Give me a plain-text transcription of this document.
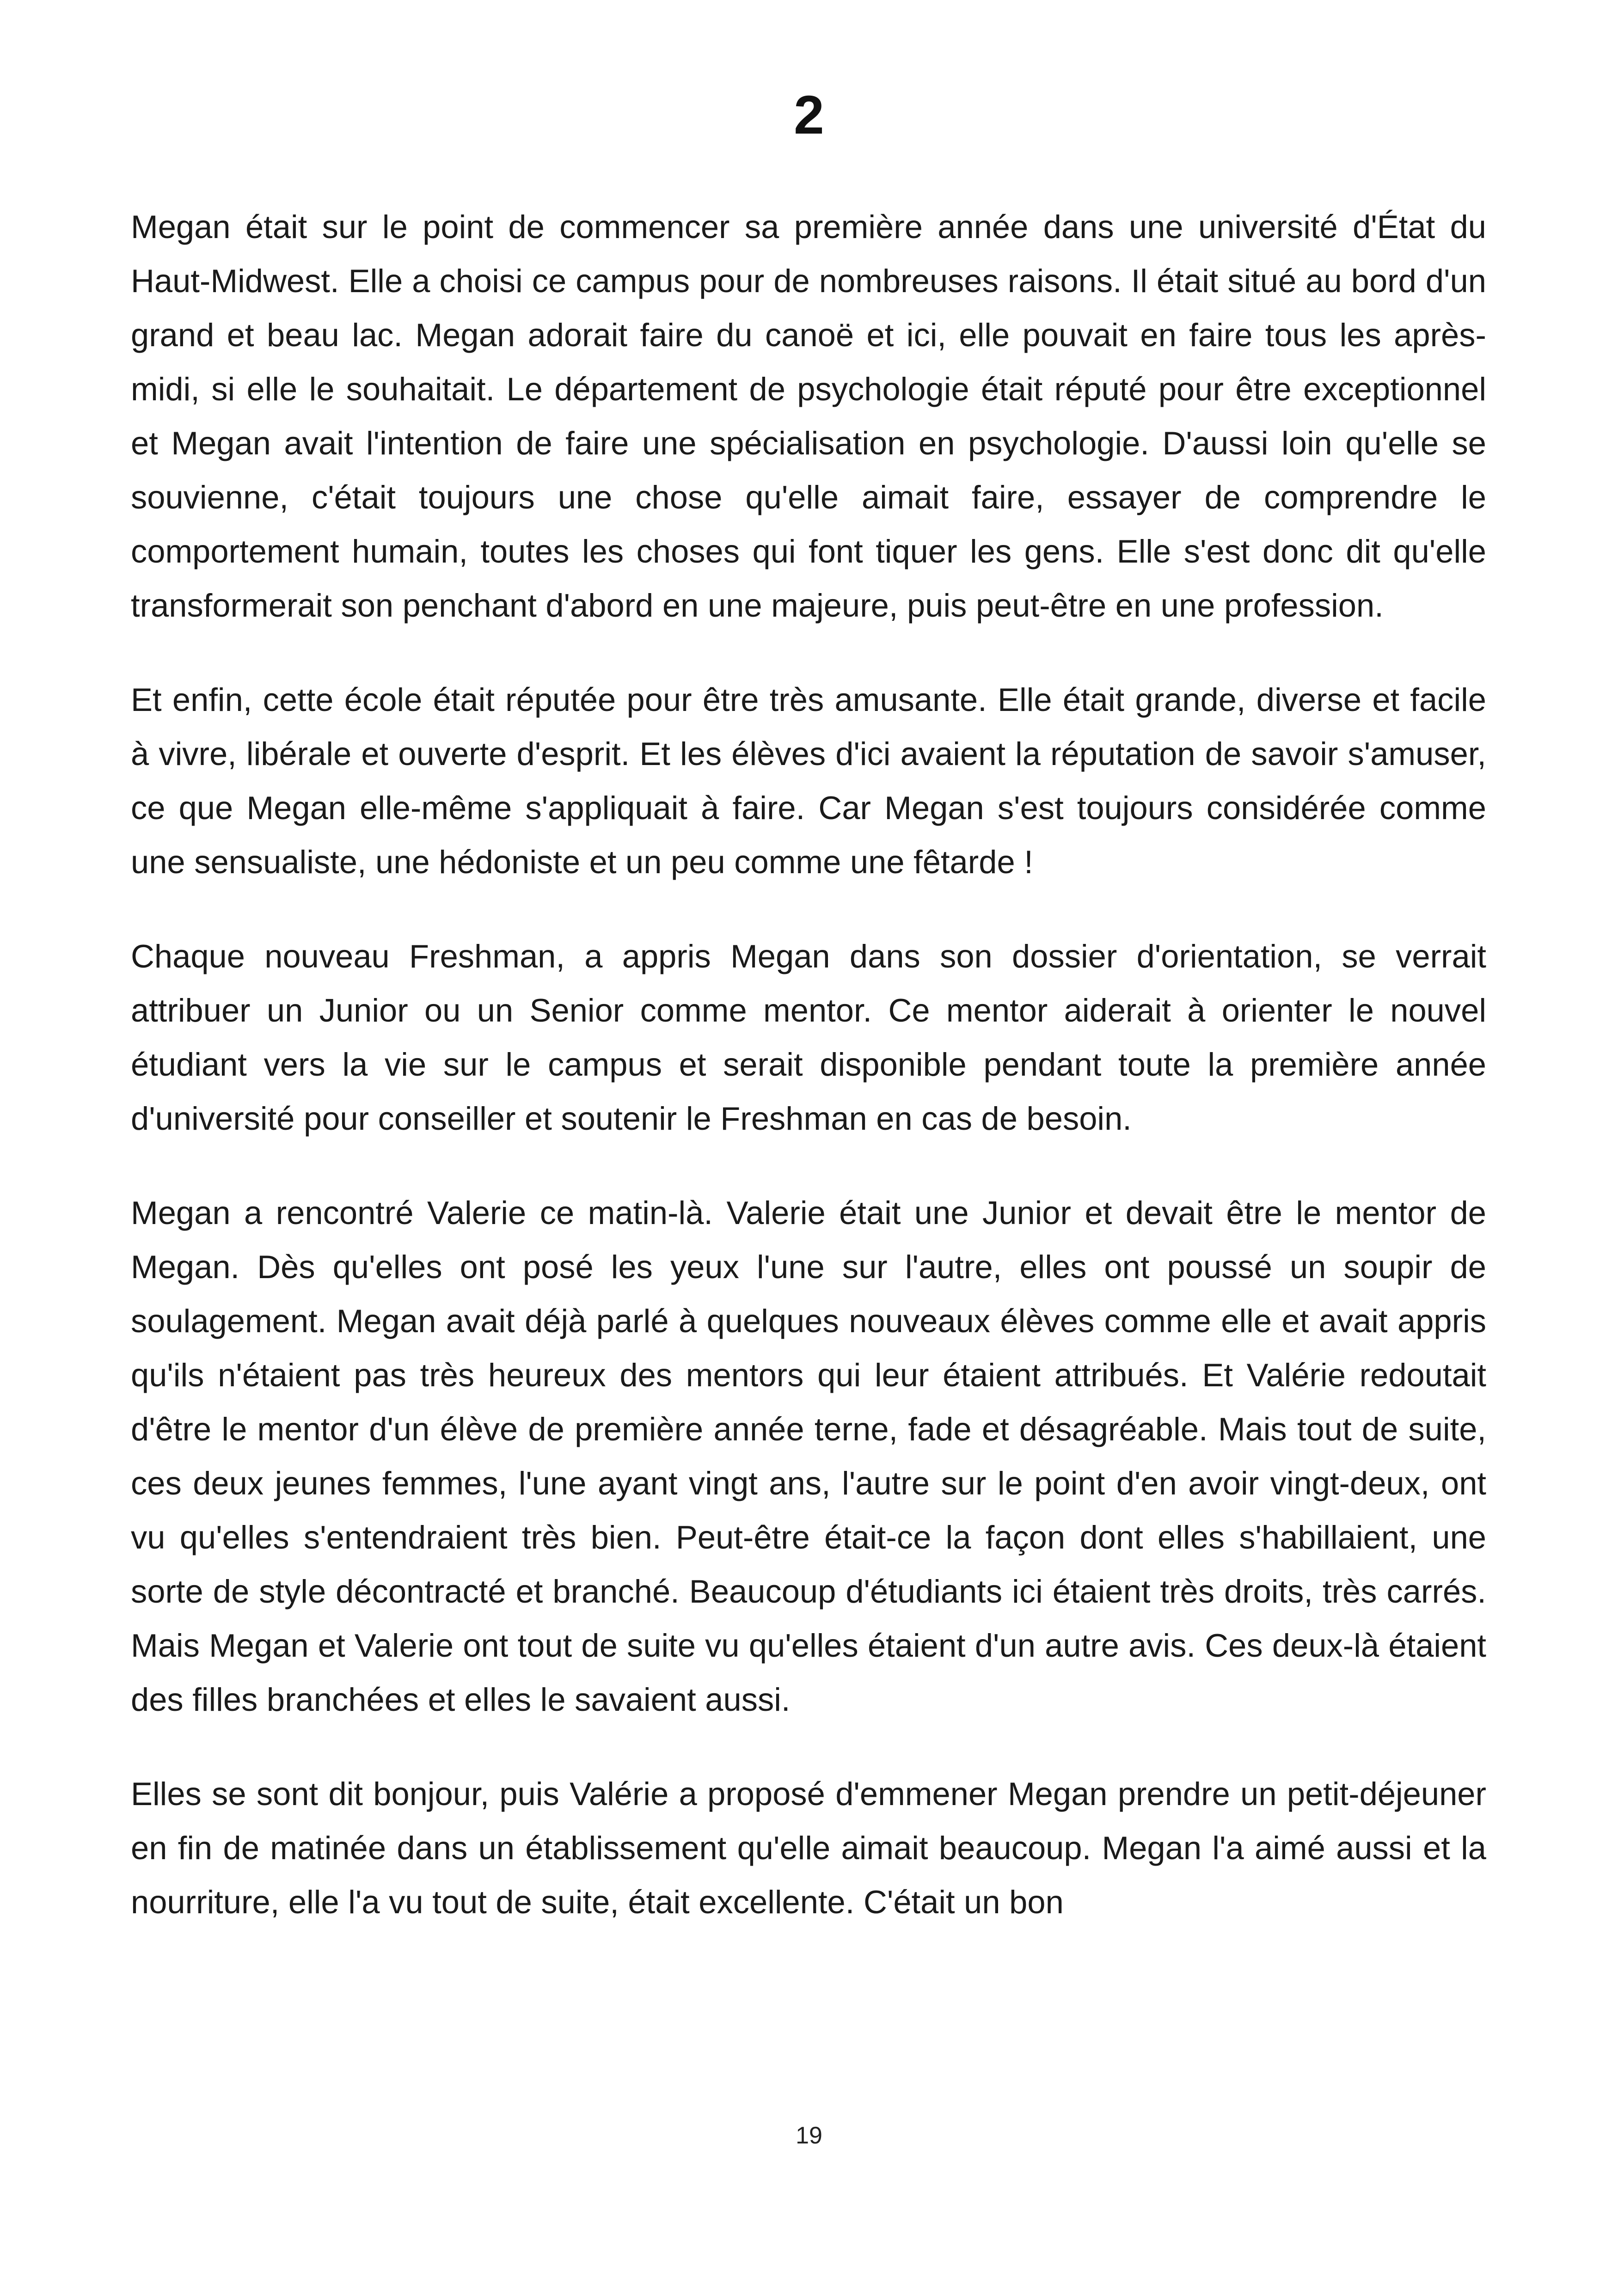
2

Megan était sur le point de commencer sa première année dans une université d'État du Haut-Midwest. Elle a choisi ce campus pour de nombreuses raisons. Il était situé au bord d'un grand et beau lac. Megan adorait faire du canoë et ici, elle pouvait en faire tous les après-midi, si elle le souhaitait. Le département de psychologie était réputé pour être exceptionnel et Megan avait l'intention de faire une spécialisation en psychologie. D'aussi loin qu'elle se souvienne, c'était toujours une chose qu'elle aimait faire, essayer de comprendre le comportement humain, toutes les choses qui font tiquer les gens. Elle s'est donc dit qu'elle transformerait son penchant d'abord en une majeure, puis peut-être en une profession.

Et enfin, cette école était réputée pour être très amusante. Elle était grande, diverse et facile à vivre, libérale et ouverte d'esprit. Et les élèves d'ici avaient la réputation de savoir s'amuser, ce que Megan elle-même s'appliquait à faire. Car Megan s'est toujours considérée comme une sensualiste, une hédoniste et un peu comme une fêtarde !

Chaque nouveau Freshman, a appris Megan dans son dossier d'orientation, se verrait attribuer un Junior ou un Senior comme mentor. Ce mentor aiderait à orienter le nouvel étudiant vers la vie sur le campus et serait disponible pendant toute la première année d'université pour conseiller et soutenir le Freshman en cas de besoin.

Megan a rencontré Valerie ce matin-là. Valerie était une Junior et devait être le mentor de Megan. Dès qu'elles ont posé les yeux l'une sur l'autre, elles ont poussé un soupir de soulagement. Megan avait déjà parlé à quelques nouveaux élèves comme elle et avait appris qu'ils n'étaient pas très heureux des mentors qui leur étaient attribués. Et Valérie redoutait d'être le mentor d'un élève de première année terne, fade et désagréable. Mais tout de suite, ces deux jeunes femmes, l'une ayant vingt ans, l'autre sur le point d'en avoir vingt-deux, ont vu qu'elles s'entendraient très bien. Peut-être était-ce la façon dont elles s'habillaient, une sorte de style décontracté et branché. Beaucoup d'étudiants ici étaient très droits, très carrés. Mais Megan et Valerie ont tout de suite vu qu'elles étaient d'un autre avis. Ces deux-là étaient des filles branchées et elles le savaient aussi.

Elles se sont dit bonjour, puis Valérie a proposé d'emmener Megan prendre un petit-déjeuner en fin de matinée dans un établissement qu'elle aimait beaucoup. Megan l'a aimé aussi et la nourriture, elle l'a vu tout de suite, était excellente. C'était un bon

19
